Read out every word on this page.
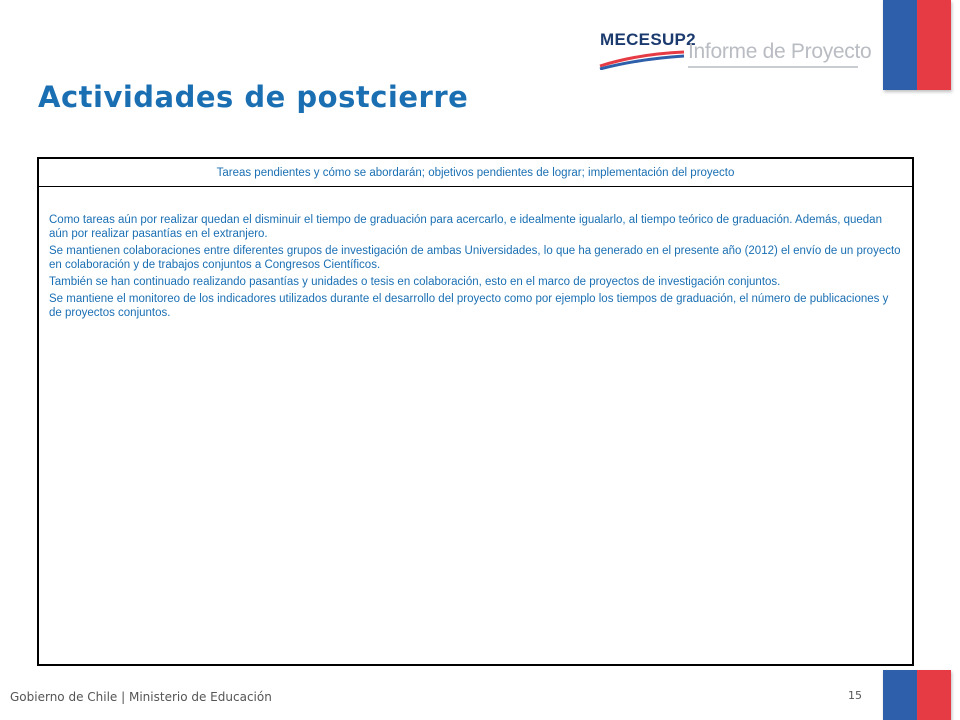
Actividades de postcierre
MECESUP2
Informe de Proyecto
Tareas pendientes y cómo se abordarán; objetivos pendientes de lograr; implementación del proyecto

Como tareas aún por realizar quedan el disminuir el tiempo de graduación para acercarlo, e idealmente igualarlo, al tiempo teórico de graduación. Además, quedan aún por realizar pasantías en el extranjero.

Se mantienen colaboraciones entre diferentes grupos de investigación de ambas Universidades, lo que ha generado en el presente año (2012) el envío de un proyecto en colaboración y de trabajos conjuntos a Congresos Científicos.

También se han continuado realizando pasantías y unidades o tesis en colaboración, esto en el marco de proyectos de investigación conjuntos.

Se mantiene el monitoreo de los indicadores utilizados durante el desarrollo del proyecto como por ejemplo los tiempos de graduación, el número de publicaciones y de proyectos conjuntos.

Gobierno de Chile | Ministerio de Educación	15
